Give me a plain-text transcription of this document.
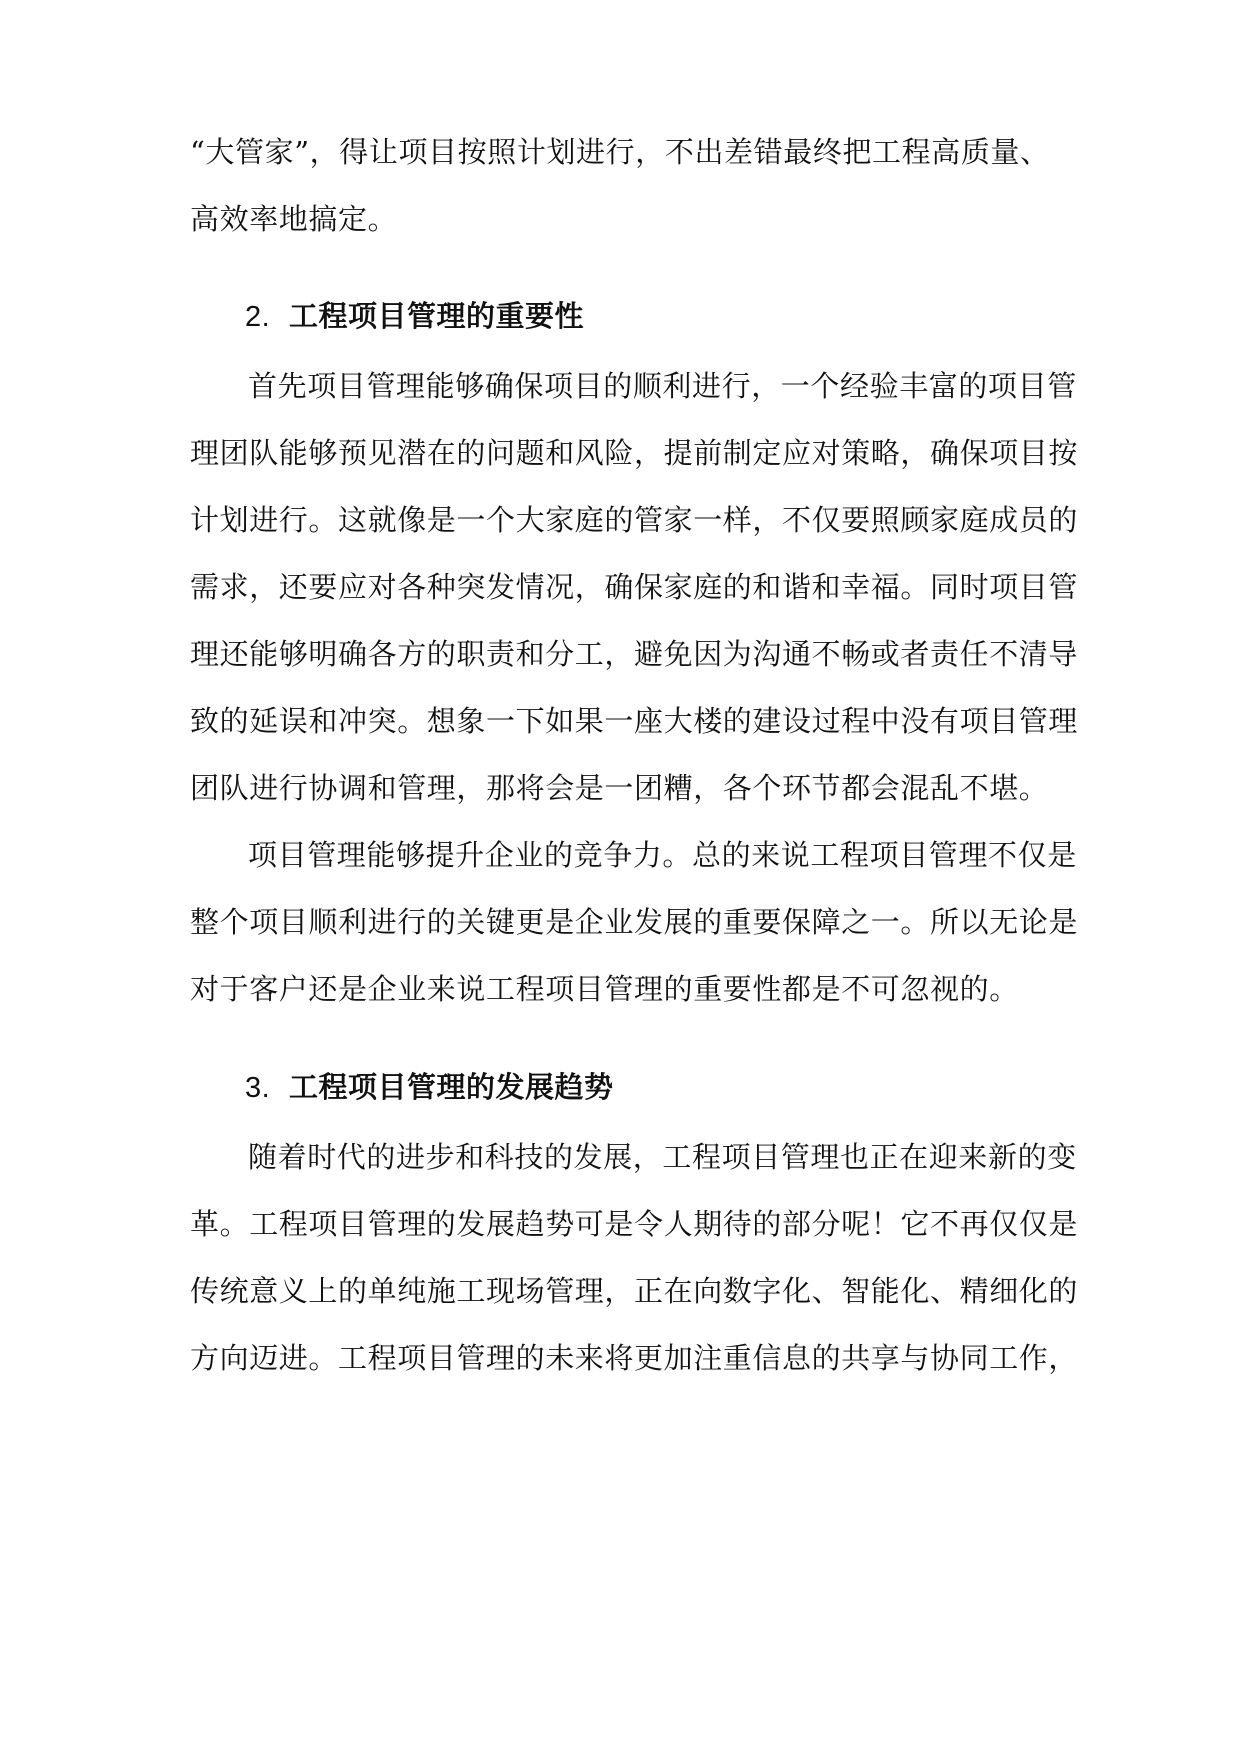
“大管家”，得让项目按照计划进行，不出差错最终把工程高质量、
高效率地搞定。
2. 工程项目管理的重要性
首先项目管理能够确保项目的顺利进行，一个经验丰富的项目管
理团队能够预见潜在的问题和风险，提前制定应对策略，确保项目按
计划进行。这就像是一个大家庭的管家一样，不仅要照顾家庭成员的
需求，还要应对各种突发情况，确保家庭的和谐和幸福。同时项目管
理还能够明确各方的职责和分工，避免因为沟通不畅或者责任不清导
致的延误和冲突。想象一下如果一座大楼的建设过程中没有项目管理
团队进行协调和管理，那将会是一团糟，各个环节都会混乱不堪。
项目管理能够提升企业的竞争力。总的来说工程项目管理不仅是
整个项目顺利进行的关键更是企业发展的重要保障之一。所以无论是
对于客户还是企业来说工程项目管理的重要性都是不可忽视的。
3. 工程项目管理的发展趋势
随着时代的进步和科技的发展，工程项目管理也正在迎来新的变
革。工程项目管理的发展趋势可是令人期待的部分呢！它不再仅仅是
传统意义上的单纯施工现场管理，正在向数字化、智能化、精细化的
方向迈进。工程项目管理的未来将更加注重信息的共享与协同工作，
